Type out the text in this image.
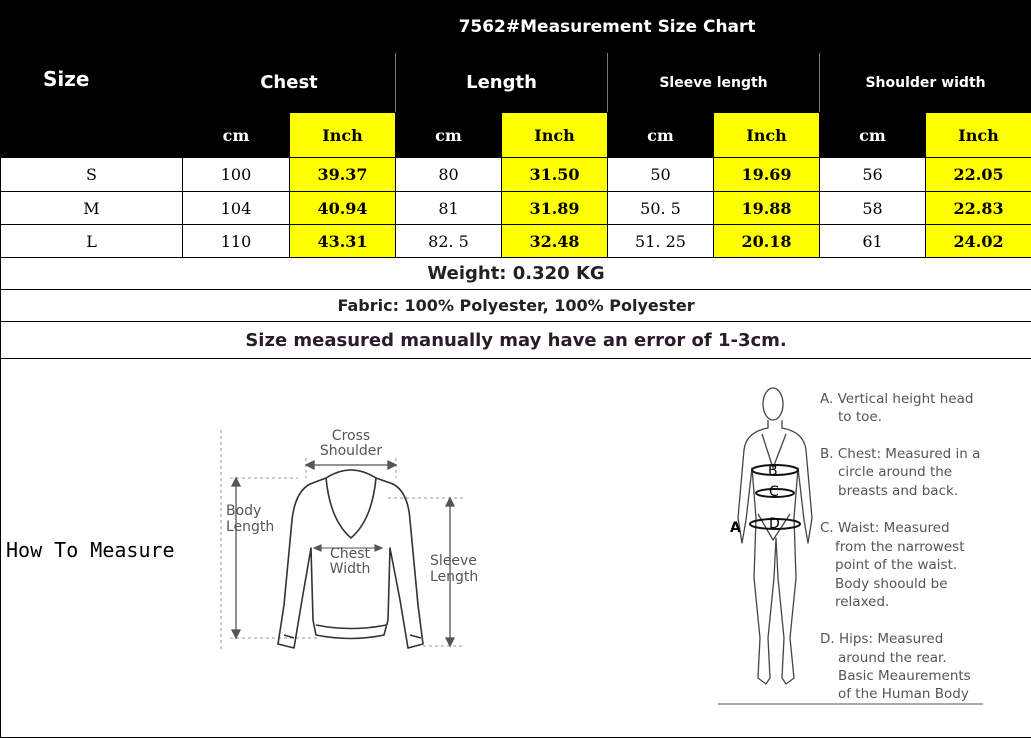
Size	7562#Measurement Size Chart							
	Chest		Length		Sleeve length		Shoulder width	
	cm	Inch	cm	Inch	cm	Inch	cm	Inch
S	100	39.37	80	31.50	50	19.69	56	22.05
M	104	40.94	81	31.89	50. 5	19.88	58	22.83
L	110	43.31	82. 5	32.48	51. 25	20.18	61	24.02
Weight: 0.320 KG								
Fabric: 100% Polyester, 100% Polyester								
Size measured manually may have an error of 1-3cm.								

How To Measure
Cross
Shoulder
Body
Length
Chest
Width	Sleeve
Length
B
C
D
A
A. Vertical height head
to toe.
B. Chest: Measured in a
circle around the
breasts and back.
C. Waist: Measured
from the narrowest
point of the waist.
Body shoould be
relaxed.
D. Hips: Measured
around the rear.
Basic Meaurements
of the Human Body
